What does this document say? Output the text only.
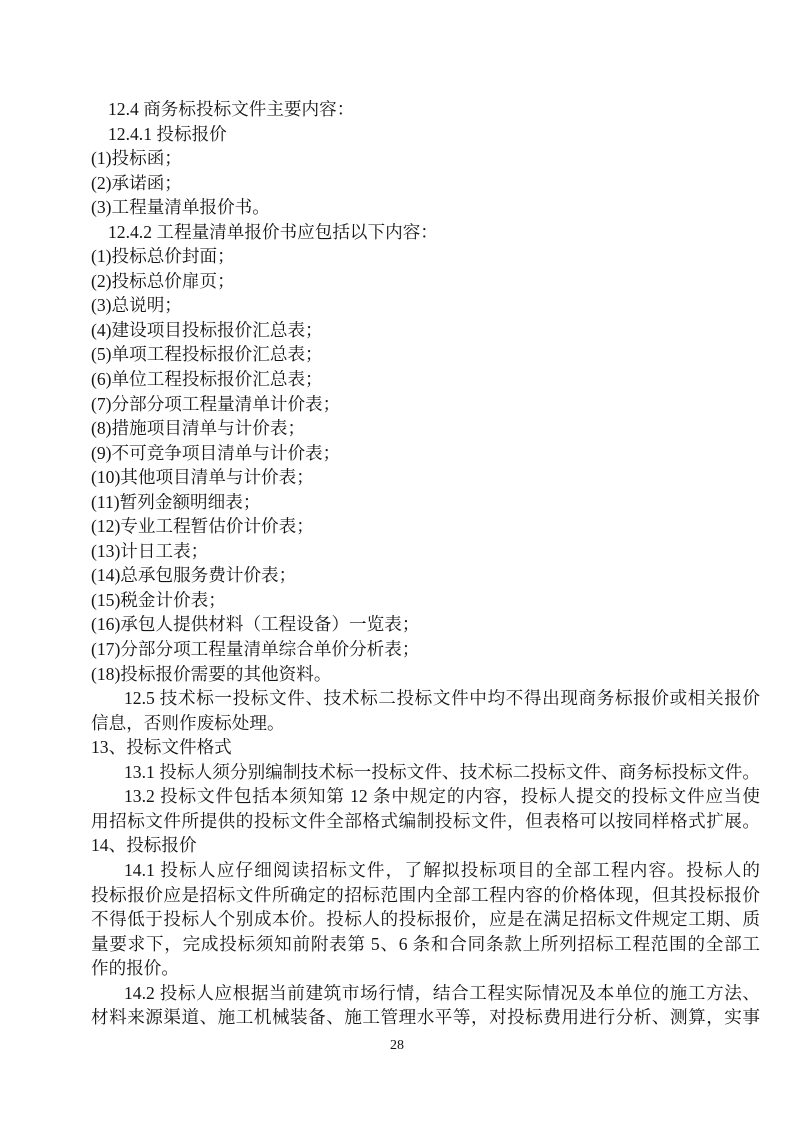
12.4 商务标投标文件主要内容：
12.4.1 投标报价
(1)投标函；
(2)承诺函；
(3)工程量清单报价书。
12.4.2 工程量清单报价书应包括以下内容：
(1)投标总价封面；
(2)投标总价扉页；
(3)总说明；
(4)建设项目投标报价汇总表；
(5)单项工程投标报价汇总表；
(6)单位工程投标报价汇总表；
(7)分部分项工程量清单计价表；
(8)措施项目清单与计价表；
(9)不可竞争项目清单与计价表；
(10)其他项目清单与计价表；
(11)暂列金额明细表；
(12)专业工程暂估价计价表；
(13)计日工表；
(14)总承包服务费计价表；
(15)税金计价表；
(16)承包人提供材料（工程设备）一览表；
(17)分部分项工程量清单综合单价分析表；
(18)投标报价需要的其他资料。
12.5 技术标一投标文件、技术标二投标文件中均不得出现商务标报价或相关报价
信息，否则作废标处理。
13、投标文件格式
13.1 投标人须分别编制技术标一投标文件、技术标二投标文件、商务标投标文件。
13.2 投标文件包括本须知第 12 条中规定的内容，投标人提交的投标文件应当使
用招标文件所提供的投标文件全部格式编制投标文件，但表格可以按同样格式扩展。
14、投标报价
14.1 投标人应仔细阅读招标文件，了解拟投标项目的全部工程内容。投标人的
投标报价应是招标文件所确定的招标范围内全部工程内容的价格体现，但其投标报价
不得低于投标人个别成本价。投标人的投标报价，应是在满足招标文件规定工期、质
量要求下，完成投标须知前附表第 5、6 条和合同条款上所列招标工程范围的全部工
作的报价。
14.2 投标人应根据当前建筑市场行情，结合工程实际情况及本单位的施工方法、
材料来源渠道、施工机械装备、施工管理水平等，对投标费用进行分析、测算，实事
28
